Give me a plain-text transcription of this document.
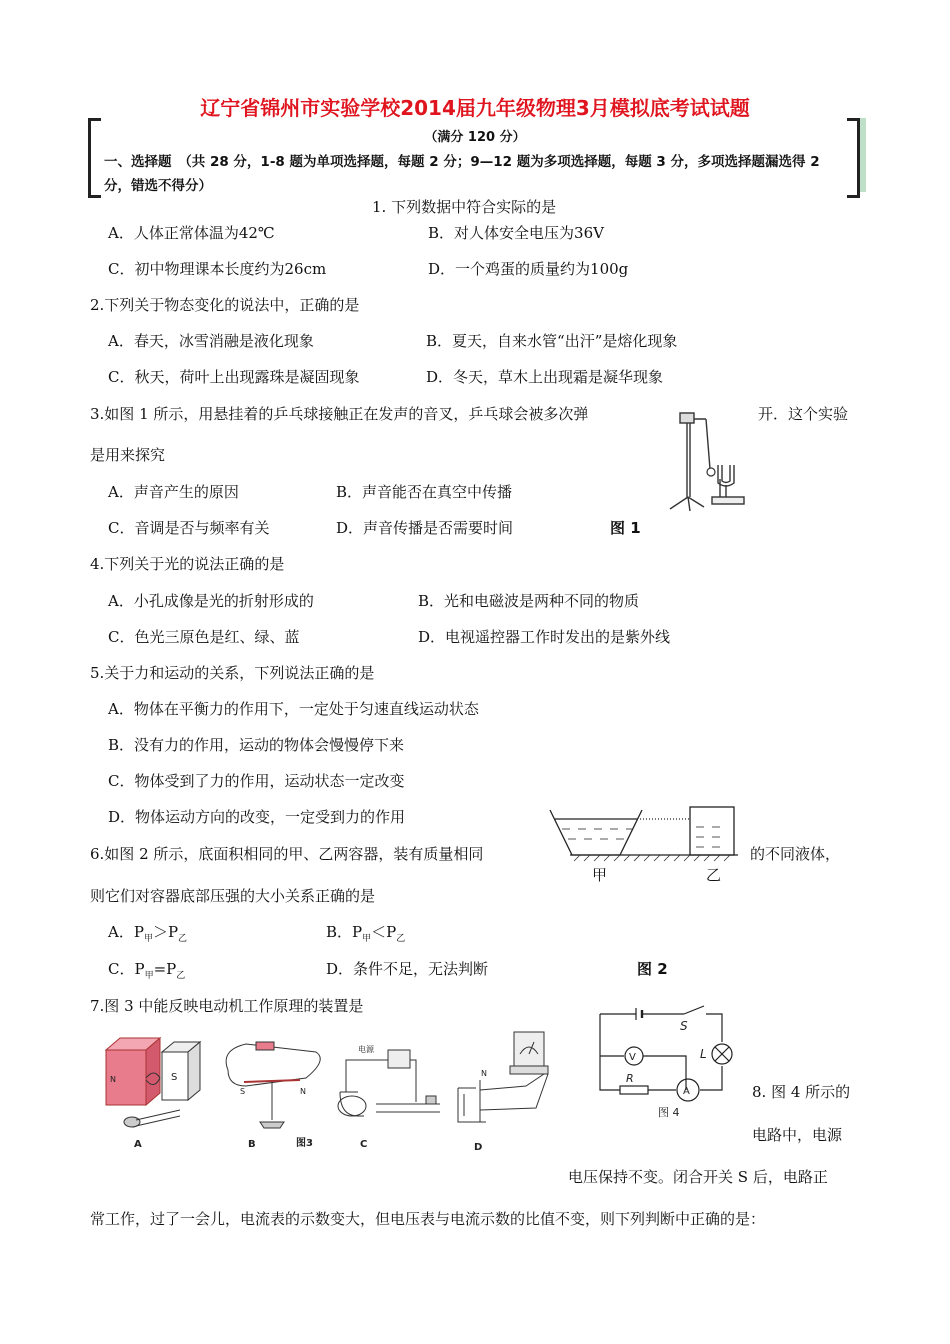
辽宁省锦州市实验学校2014届九年级物理3月模拟底考试试题
（满分 120 分）
一、选择题　（共 28 分，1-8 题为单项选择题，每题 2 分；9—12 题为多项选择题，每题 3 分，多项选择题漏选得 2 分，错选不得分）
1. 下列数据中符合实际的是
A．人体正常体温为42℃	B．对人体安全电压为36V
C．初中物理课本长度约为26cm	D．一个鸡蛋的质量约为100g
2.下列关于物态变化的说法中，正确的是
A．春天，冰雪消融是液化现象	B．夏天，自来水管“出汗”是熔化现象
C．秋天，荷叶上出现露珠是凝固现象	D．冬天，草木上出现霜是凝华现象
3.如图 1 所示，用悬挂着的乒乓球接触正在发声的音叉，乒乓球会被多次弹	开．这个实验
是用来探究
A．声音产生的原因	B．声音能否在真空中传播
C．音调是否与频率有关	D．声音传播是否需要时间	图 1
4.下列关于光的说法正确的是
A．小孔成像是光的折射形成的	B．光和电磁波是两种不同的物质
C．色光三原色是红、绿、蓝	D．电视遥控器工作时发出的是紫外线
5.关于力和运动的关系，下列说法正确的是
A．物体在平衡力的作用下，一定处于匀速直线运动状态
B．没有力的作用，运动的物体会慢慢停下来
C．物体受到了力的作用，运动状态一定改变
D．物体运动方向的改变，一定受到力的作用
甲	乙
6.如图 2 所示，底面积相同的甲、乙两容器，装有质量相同	的不同液体，
则它们对容器底部压强的大小关系正确的是
A．$P_甲>P_乙$	B．$P_甲<P_乙$
C．$P_甲=P_乙$	D．条件不足，无法判断	图 2
7.图 3 中能反映电动机工作原理的装置是
N	S
A
S	N
B	图3
电源
C
N
D
S
L
R
V
A
图 4
8. 图 4 所示的
电路中，电源
电压保持不变。闭合开关 S 后，电路正
常工作，过了一会儿，电流表的示数变大，但电压表与电流示数的比值不变，则下列判断中正确的是：
